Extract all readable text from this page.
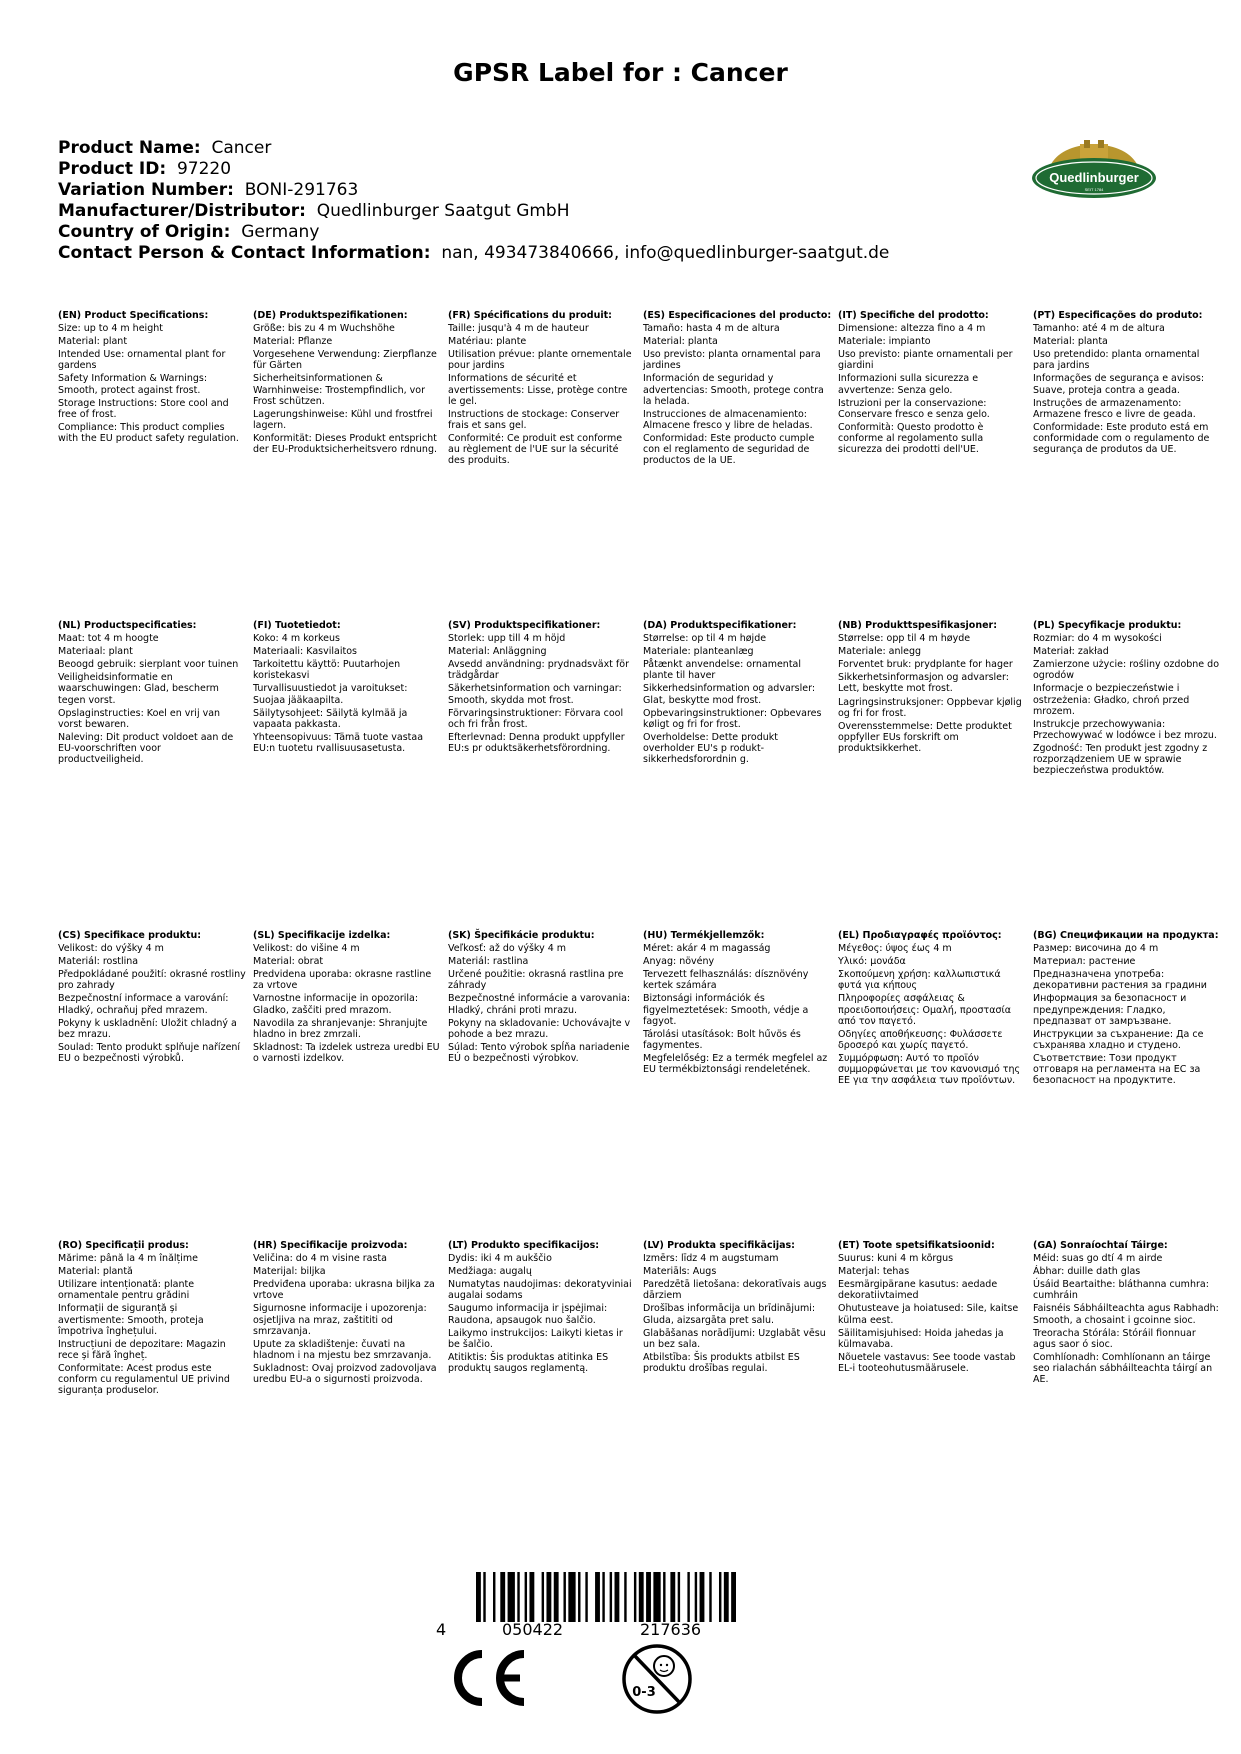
GPSR Label for : Cancer
Product Name: Cancer
Product ID: 97220
Variation Number: BONI-291763
Manufacturer/Distributor: Quedlinburger Saatgut GmbH
Country of Origin: Germany
Contact Person & Contact Information: nan, 493473840666, info@quedlinburger-saatgut.de
Quedlinburger
SEIT 1784
(EN) Product Specifications:
Size: up to 4 m height
Material: plant
Intended Use: ornamental plant for gardens
Safety Information & Warnings: Smooth, protect against frost.
Storage Instructions: Store cool and free of frost.
Compliance: This product complies with the EU product safety regulation.
(DE) Produktspezifikationen:
Größe: bis zu 4 m Wuchshöhe
Material: Pflanze
Vorgesehene Verwendung: Zierpflanze für Gärten
Sicherheitsinformationen & Warnhinweise: Trostempfindlich, vor Frost schützen.
Lagerungshinweise: Kühl und frostfrei lagern.
Konformität: Dieses Produkt entspricht der EU-Produktsicherheitsvero rdnung.
(FR) Spécifications du produit:
Taille: jusqu'à 4 m de hauteur
Matériau: plante
Utilisation prévue: plante ornementale pour jardins
Informations de sécurité et avertissements: Lisse, protège contre le gel.
Instructions de stockage: Conserver frais et sans gel.
Conformité: Ce produit est conforme au règlement de l'UE sur la sécurité des produits.
(ES) Especificaciones del producto:
Tamaño: hasta 4 m de altura
Material: planta
Uso previsto: planta ornamental para jardines
Información de seguridad y advertencias: Smooth, protege contra la helada.
Instrucciones de almacenamiento: Almacene fresco y libre de heladas.
Conformidad: Este producto cumple con el reglamento de seguridad de productos de la UE.
(IT) Specifiche del prodotto:
Dimensione: altezza fino a 4 m
Materiale: impianto
Uso previsto: piante ornamentali per giardini
Informazioni sulla sicurezza e avvertenze: Senza gelo.
Istruzioni per la conservazione: Conservare fresco e senza gelo.
Conformità: Questo prodotto è conforme al regolamento sulla sicurezza dei prodotti dell'UE.
(PT) Especificações do produto:
Tamanho: até 4 m de altura
Material: planta
Uso pretendido: planta ornamental para jardins
Informações de segurança e avisos: Suave, proteja contra a geada.
Instruções de armazenamento: Armazene fresco e livre de geada.
Conformidade: Este produto está em conformidade com o regulamento de segurança de produtos da UE.
(NL) Productspecificaties:
Maat: tot 4 m hoogte
Materiaal: plant
Beoogd gebruik: sierplant voor tuinen
Veiligheidsinformatie en waarschuwingen: Glad, bescherm tegen vorst.
Opslaginstructies: Koel en vrij van vorst bewaren.
Naleving: Dit product voldoet aan de EU-voorschriften voor productveiligheid.
(FI) Tuotetiedot:
Koko: 4 m korkeus
Materiaali: Kasvilaitos
Tarkoitettu käyttö: Puutarhojen koristekasvi
Turvallisuustiedot ja varoitukset: Suojaa jääkaapilta.
Säilytysohjeet: Säilytä kylmää ja vapaata pakkasta.
Yhteensopivuus: Tämä tuote vastaa EU:n tuotetu rvallisuusasetusta.
(SV) Produktspecifikationer:
Storlek: upp till 4 m höjd
Material: Anläggning
Avsedd användning: prydnadsväxt för trädgårdar
Säkerhetsinformation och varningar: Smooth, skydda mot frost.
Förvaringsinstruktioner: Förvara cool och fri från frost.
Efterlevnad: Denna produkt uppfyller EU:s pr oduktsäkerhetsförordning.
(DA) Produktspecifikationer:
Størrelse: op til 4 m højde
Materiale: planteanlæg
Påtænkt anvendelse: ornamental plante til haver
Sikkerhedsinformation og advarsler: Glat, beskytte mod frost.
Opbevaringsinstruktioner: Opbevares køligt og fri for frost.
Overholdelse: Dette produkt overholder EU's p roduktsikkerhedsforordnin g.
(NB) Produkttspesifikasjoner:
Størrelse: opp til 4 m høyde
Materiale: anlegg
Forventet bruk: prydplante for hager
Sikkerhetsinformasjon og advarsler: Lett, beskytte mot frost.
Lagringsinstruksjoner: Oppbevar kjølig og fri for frost.
Overensstemmelse: Dette produktet oppfyller EUs forskrift om produktsikkerhet.
(PL) Specyfikacje produktu:
Rozmiar: do 4 m wysokości
Materiał: zakład
Zamierzone użycie: rośliny ozdobne do ogrodów
Informacje o bezpieczeństwie i ostrzeżenia: Gładko, chroń przed mrozem.
Instrukcje przechowywania: Przechowywać w lodówce i bez mrozu.
Zgodność: Ten produkt jest zgodny z rozporządzeniem UE w sprawie bezpieczeństwa produktów.
(CS) Specifikace produktu:
Velikost: do výšky 4 m
Materiál: rostlina
Předpokládané použití: okrasné rostliny pro zahrady
Bezpečnostní informace a varování: Hladký, ochraňuj před mrazem.
Pokyny k uskladnění: Uložit chladný a bez mrazu.
Soulad: Tento produkt splňuje nařízení EU o bezpečnosti výrobků.
(SL) Specifikacije izdelka:
Velikost: do višine 4 m
Material: obrat
Predvidena uporaba: okrasne rastline za vrtove
Varnostne informacije in opozorila: Gladko, zaščiti pred mrazom.
Navodila za shranjevanje: Shranjujte hladno in brez zmrzali.
Skladnost: Ta izdelek ustreza uredbi EU o varnosti izdelkov.
(SK) Špecifikácie produktu:
Veľkosť: až do výšky 4 m
Materiál: rastlina
Určené použitie: okrasná rastlina pre záhrady
Bezpečnostné informácie a varovania: Hladký, chráni proti mrazu.
Pokyny na skladovanie: Uchovávajte v pohode a bez mrazu.
Súlad: Tento výrobok spĺňa nariadenie EÚ o bezpečnosti výrobkov.
(HU) Termékjellemzők:
Méret: akár 4 m magasság
Anyag: növény
Tervezett felhasználás: dísznövény kertek számára
Biztonsági információk és figyelmeztetések: Smooth, védje a fagyot.
Tárolási utasítások: Bolt hűvös és fagymentes.
Megfelelőség: Ez a termék megfelel az EU termékbiztonsági rendeletének.
(EL) Προδιαγραφές προϊόντος:
Μέγεθος: ύψος έως 4 m
Υλικό: μονάδα
Σκοπούμενη χρήση: καλλωπιστικά φυτά για κήπους
Πληροφορίες ασφάλειας & προειδοποιήσεις: Ομαλή, προστασία από τον παγετό.
Οδηγίες αποθήκευσης: Φυλάσσετε δροσερό και χωρίς παγετό.
Συμμόρφωση: Αυτό το προϊόν συμμορφώνεται με τον κανονισμό της ΕΕ για την ασφάλεια των προϊόντων.
(BG) Спецификации на продукта:
Размер: височина до 4 m
Материал: растение
Предназначена употреба: декоративни растения за градини
Информация за безопасност и предупреждения: Гладко, предпазват от замръзване.
Инструкции за съхранение: Да се съхранява хладно и студено.
Съответствие: Този продукт отговаря на регламента на ЕС за безопасност на продуктите.
(RO) Specificații produs:
Mărime: până la 4 m înălțime
Material: plantă
Utilizare intenționată: plante ornamentale pentru grădini
Informații de siguranță și avertismente: Smooth, proteja împotriva înghețului.
Instrucțiuni de depozitare: Magazin rece și fără îngheț.
Conformitate: Acest produs este conform cu regulamentul UE privind siguranța produselor.
(HR) Specifikacije proizvoda:
Veličina: do 4 m visine rasta
Materijal: biljka
Predviđena uporaba: ukrasna biljka za vrtove
Sigurnosne informacije i upozorenja: osjetljiva na mraz, zaštititi od smrzavanja.
Upute za skladištenje: čuvati na hladnom i na mjestu bez smrzavanja.
Sukladnost: Ovaj proizvod zadovoljava uredbu EU-a o sigurnosti proizvoda.
(LT) Produkto specifikacijos:
Dydis: iki 4 m aukščio
Medžiaga: augalų
Numatytas naudojimas: dekoratyviniai augalai sodams
Saugumo informacija ir įspėjimai: Raudona, apsaugok nuo šalčio.
Laikymo instrukcijos: Laikyti kietas ir be šalčio.
Atitiktis: Šis produktas atitinka ES produktų saugos reglamentą.
(LV) Produkta specifikācijas:
Izmērs: līdz 4 m augstumam
Materiāls: Augs
Paredzētā lietošana: dekoratīvais augs dārziem
Drošības informācija un brīdinājumi: Gluda, aizsargāta pret salu.
Glabāšanas norādījumi: Uzglabāt vēsu un bez sala.
Atbilstība: Šis produkts atbilst ES produktu drošības regulai.
(ET) Toote spetsifikatsioonid:
Suurus: kuni 4 m kõrgus
Materjal: tehas
Eesmärgipärane kasutus: aedade dekoratiivtaimed
Ohutusteave ja hoiatused: Sile, kaitse külma eest.
Säilitamisjuhised: Hoida jahedas ja külmavaba.
Nõuetele vastavus: See toode vastab EL-i tooteohutusmäärusele.
(GA) Sonraíochtaí Táirge:
Méid: suas go dtí 4 m airde
Ábhar: duille dath glas
Úsáid Beartaithe: bláthanna cumhra: cumhráin
Faisnéis Sábháilteachta agus Rabhadh: Smooth, a chosaint i gcoinne sioc.
Treoracha Stórála: Stóráil fionnuar agus saor ó sioc.
Comhlíonadh: Comhlíonann an táirge seo rialachán sábháilteachta táirgí an AE.
4	050422	217636
0-3
